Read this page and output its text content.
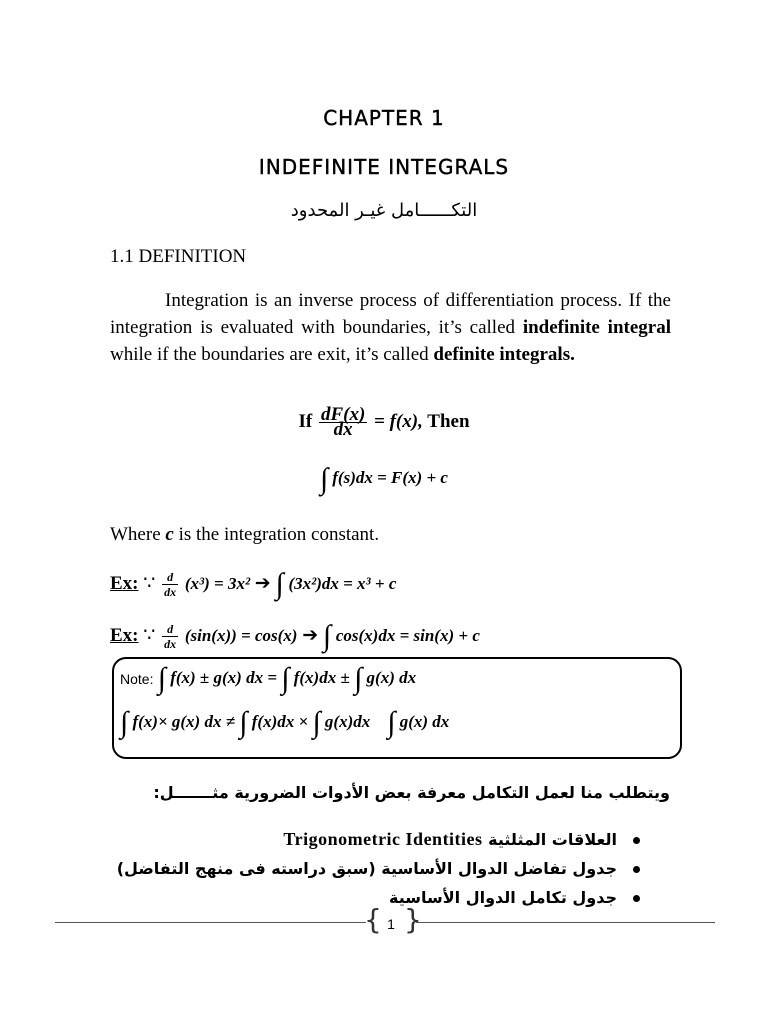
CHAPTER 1
INDEFINITE INTEGRALS
التكــــــامل غيـر المحدود
1.1 DEFINITION
Integration is an inverse process of differentiation process. If the integration is evaluated with boundaries, it’s called indefinite integral while if the boundaries are exit, it’s called definite integrals.
If $\frac{dF(x)}{dx} = f(x)$, Then
∫ f(s)dx = F(x) + c
Where c is the integration constant.
Ex: ∵ $\frac{d}{dx} (x^3) = 3x^2$ ➔ ∫ (3x²)dx = x³ + c
Ex: ∵ $\frac{d}{dx} (\sin(x)) = \cos(x)$ ➔ ∫ cos(x)dx = sin(x) + c
Note: ∫ f(x) ± g(x) dx = ∫ f(x)dx ± ∫ g(x) dx
∫ f(x)× g(x) dx ≠ ∫ f(x)dx × ∫ g(x)dx ∫ g(x) dx
ويتطلب منا لعمل التكامل معرفة بعض الأدوات الضرورية مثـــــــل:
العلاقات المثلثية Trigonometric Identities
جدول تفاضل الدوال الأساسية (سبق دراسته فى منهج التفاضل)
جدول تكامل الدوال الأساسية
{ }
1
